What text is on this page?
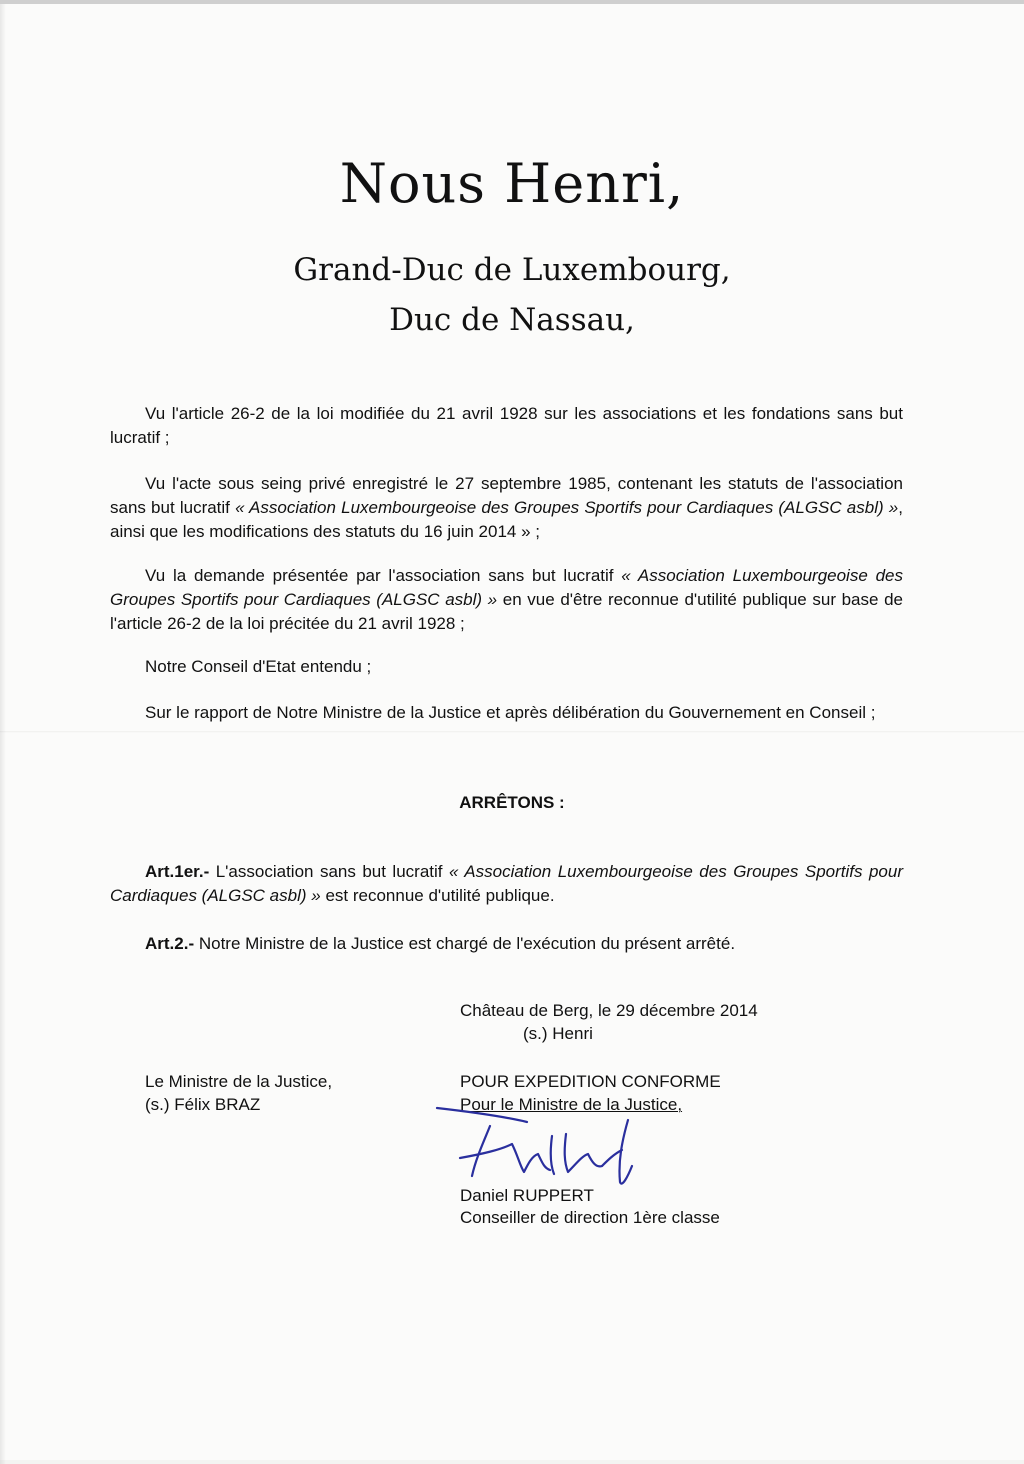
Nous Henri,
Grand-Duc de Luxembourg,
Duc de Nassau,

Vu l'article 26-2 de la loi modifiée du 21 avril 1928 sur les associations et les fondations sans but lucratif ;

Vu l'acte sous seing privé enregistré le 27 septembre 1985, contenant les statuts de l'association sans but lucratif « Association Luxembourgeoise des Groupes Sportifs pour Cardiaques (ALGSC asbl) », ainsi que les modifications des statuts du 16 juin 2014 » ;

Vu la demande présentée par l'association sans but lucratif « Association Luxembourgeoise des Groupes Sportifs pour Cardiaques (ALGSC asbl) » en vue d'être reconnue d'utilité publique sur base de l'article 26-2 de la loi précitée du 21 avril 1928 ;

Notre Conseil d'Etat entendu ;

Sur le rapport de Notre Ministre de la Justice et après délibération du Gouvernement en Conseil ;

ARRÊTONS :

Art.1er.- L'association sans but lucratif « Association Luxembourgeoise des Groupes Sportifs pour Cardiaques (ALGSC asbl) » est reconnue d'utilité publique.

Art.2.- Notre Ministre de la Justice est chargé de l'exécution du présent arrêté.

Château de Berg, le 29 décembre 2014

(s.) Henri

Le Ministre de la Justice,

(s.) Félix BRAZ

POUR EXPEDITION CONFORME

Pour le Ministre de la Justice,

Daniel RUPPERT

Conseiller de direction 1ère classe
